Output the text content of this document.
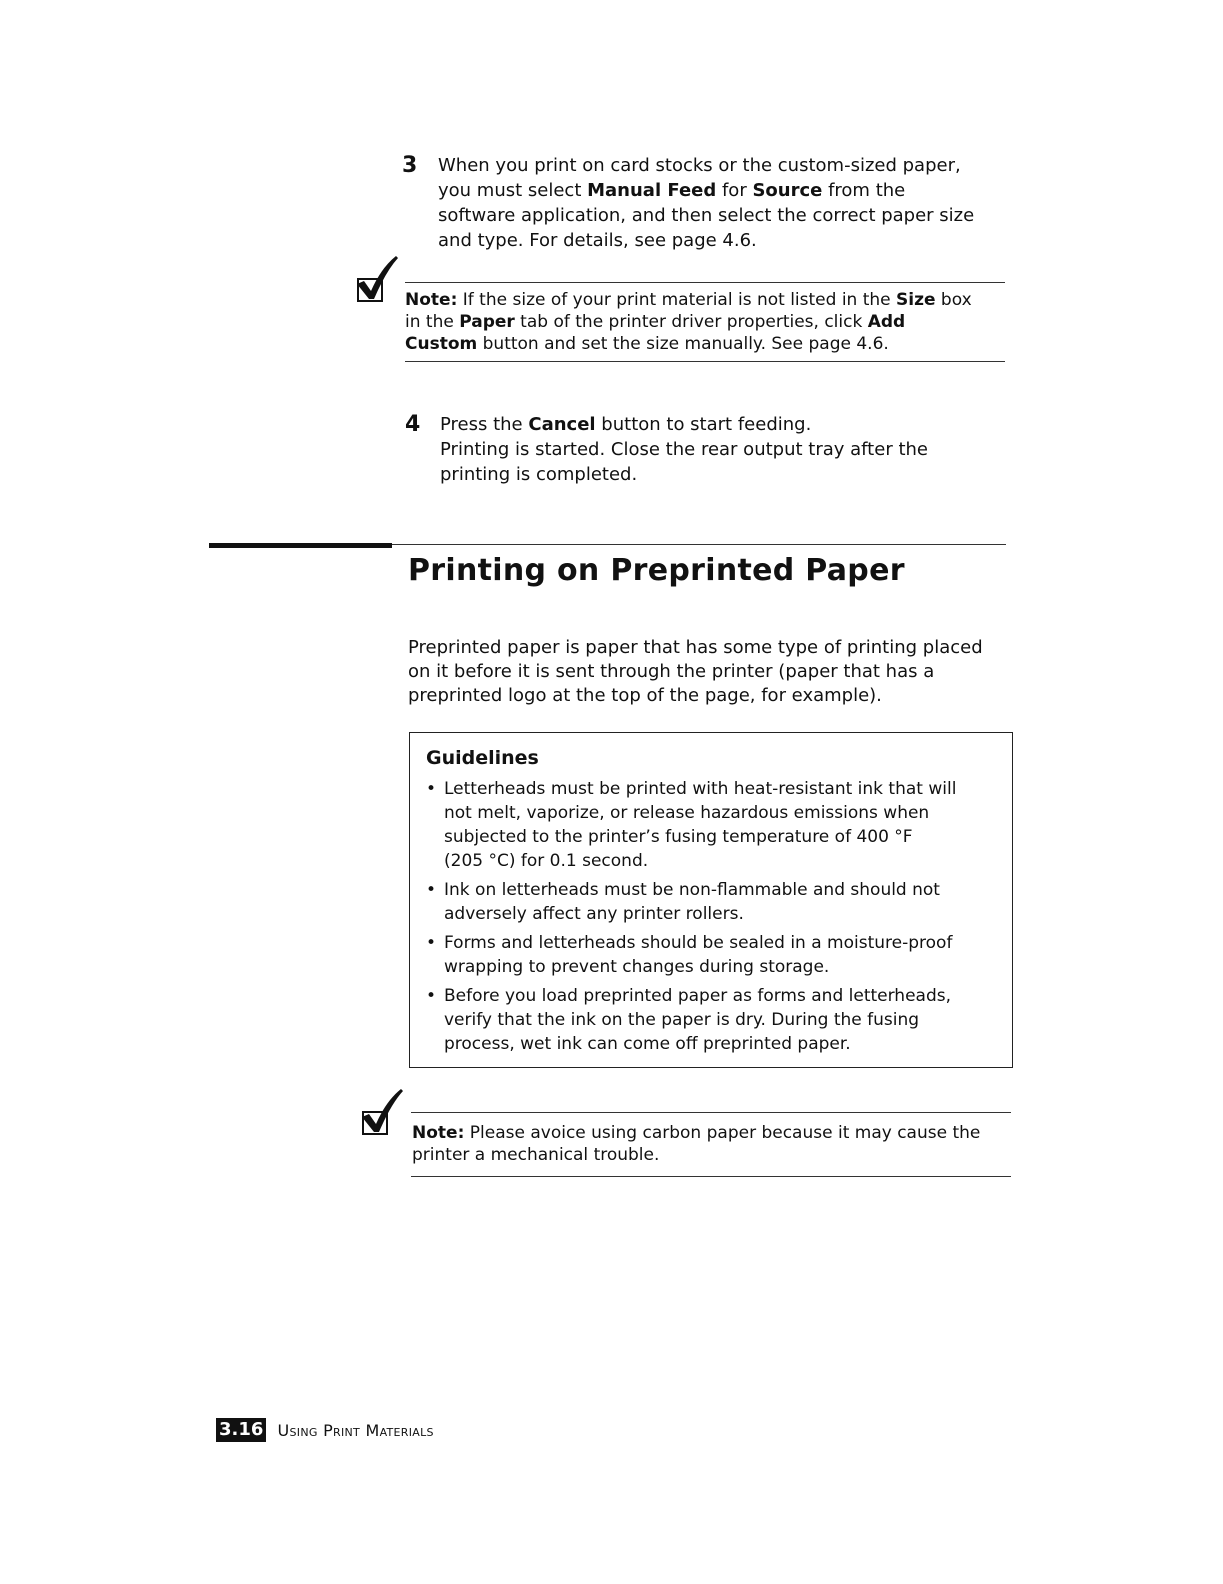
3 When you print on card stocks or the custom-sized paper,
you must select Manual Feed for Source from the
software application, and then select the correct paper size
and type. For details, see page 4.6.
Note: If the size of your print material is not listed in the Size box
in the Paper tab of the printer driver properties, click Add
Custom button and set the size manually. See page 4.6.
4 Press the Cancel button to start feeding.
Printing is started. Close the rear output tray after the
printing is completed.
Printing on Preprinted Paper
Preprinted paper is paper that has some type of printing placed
on it before it is sent through the printer (paper that has a
preprinted logo at the top of the page, for example).
Guidelines
• Letterheads must be printed with heat-resistant ink that will
not melt, vaporize, or release hazardous emissions when
subjected to the printer’s fusing temperature of 400 °F
(205 °C) for 0.1 second.
• Ink on letterheads must be non-flammable and should not
adversely affect any printer rollers.
• Forms and letterheads should be sealed in a moisture-proof
wrapping to prevent changes during storage.
• Before you load preprinted paper as forms and letterheads,
verify that the ink on the paper is dry. During the fusing
process, wet ink can come off preprinted paper.
Note: Please avoice using carbon paper because it may cause the
printer a mechanical trouble.
3.16 Using Print Materials
